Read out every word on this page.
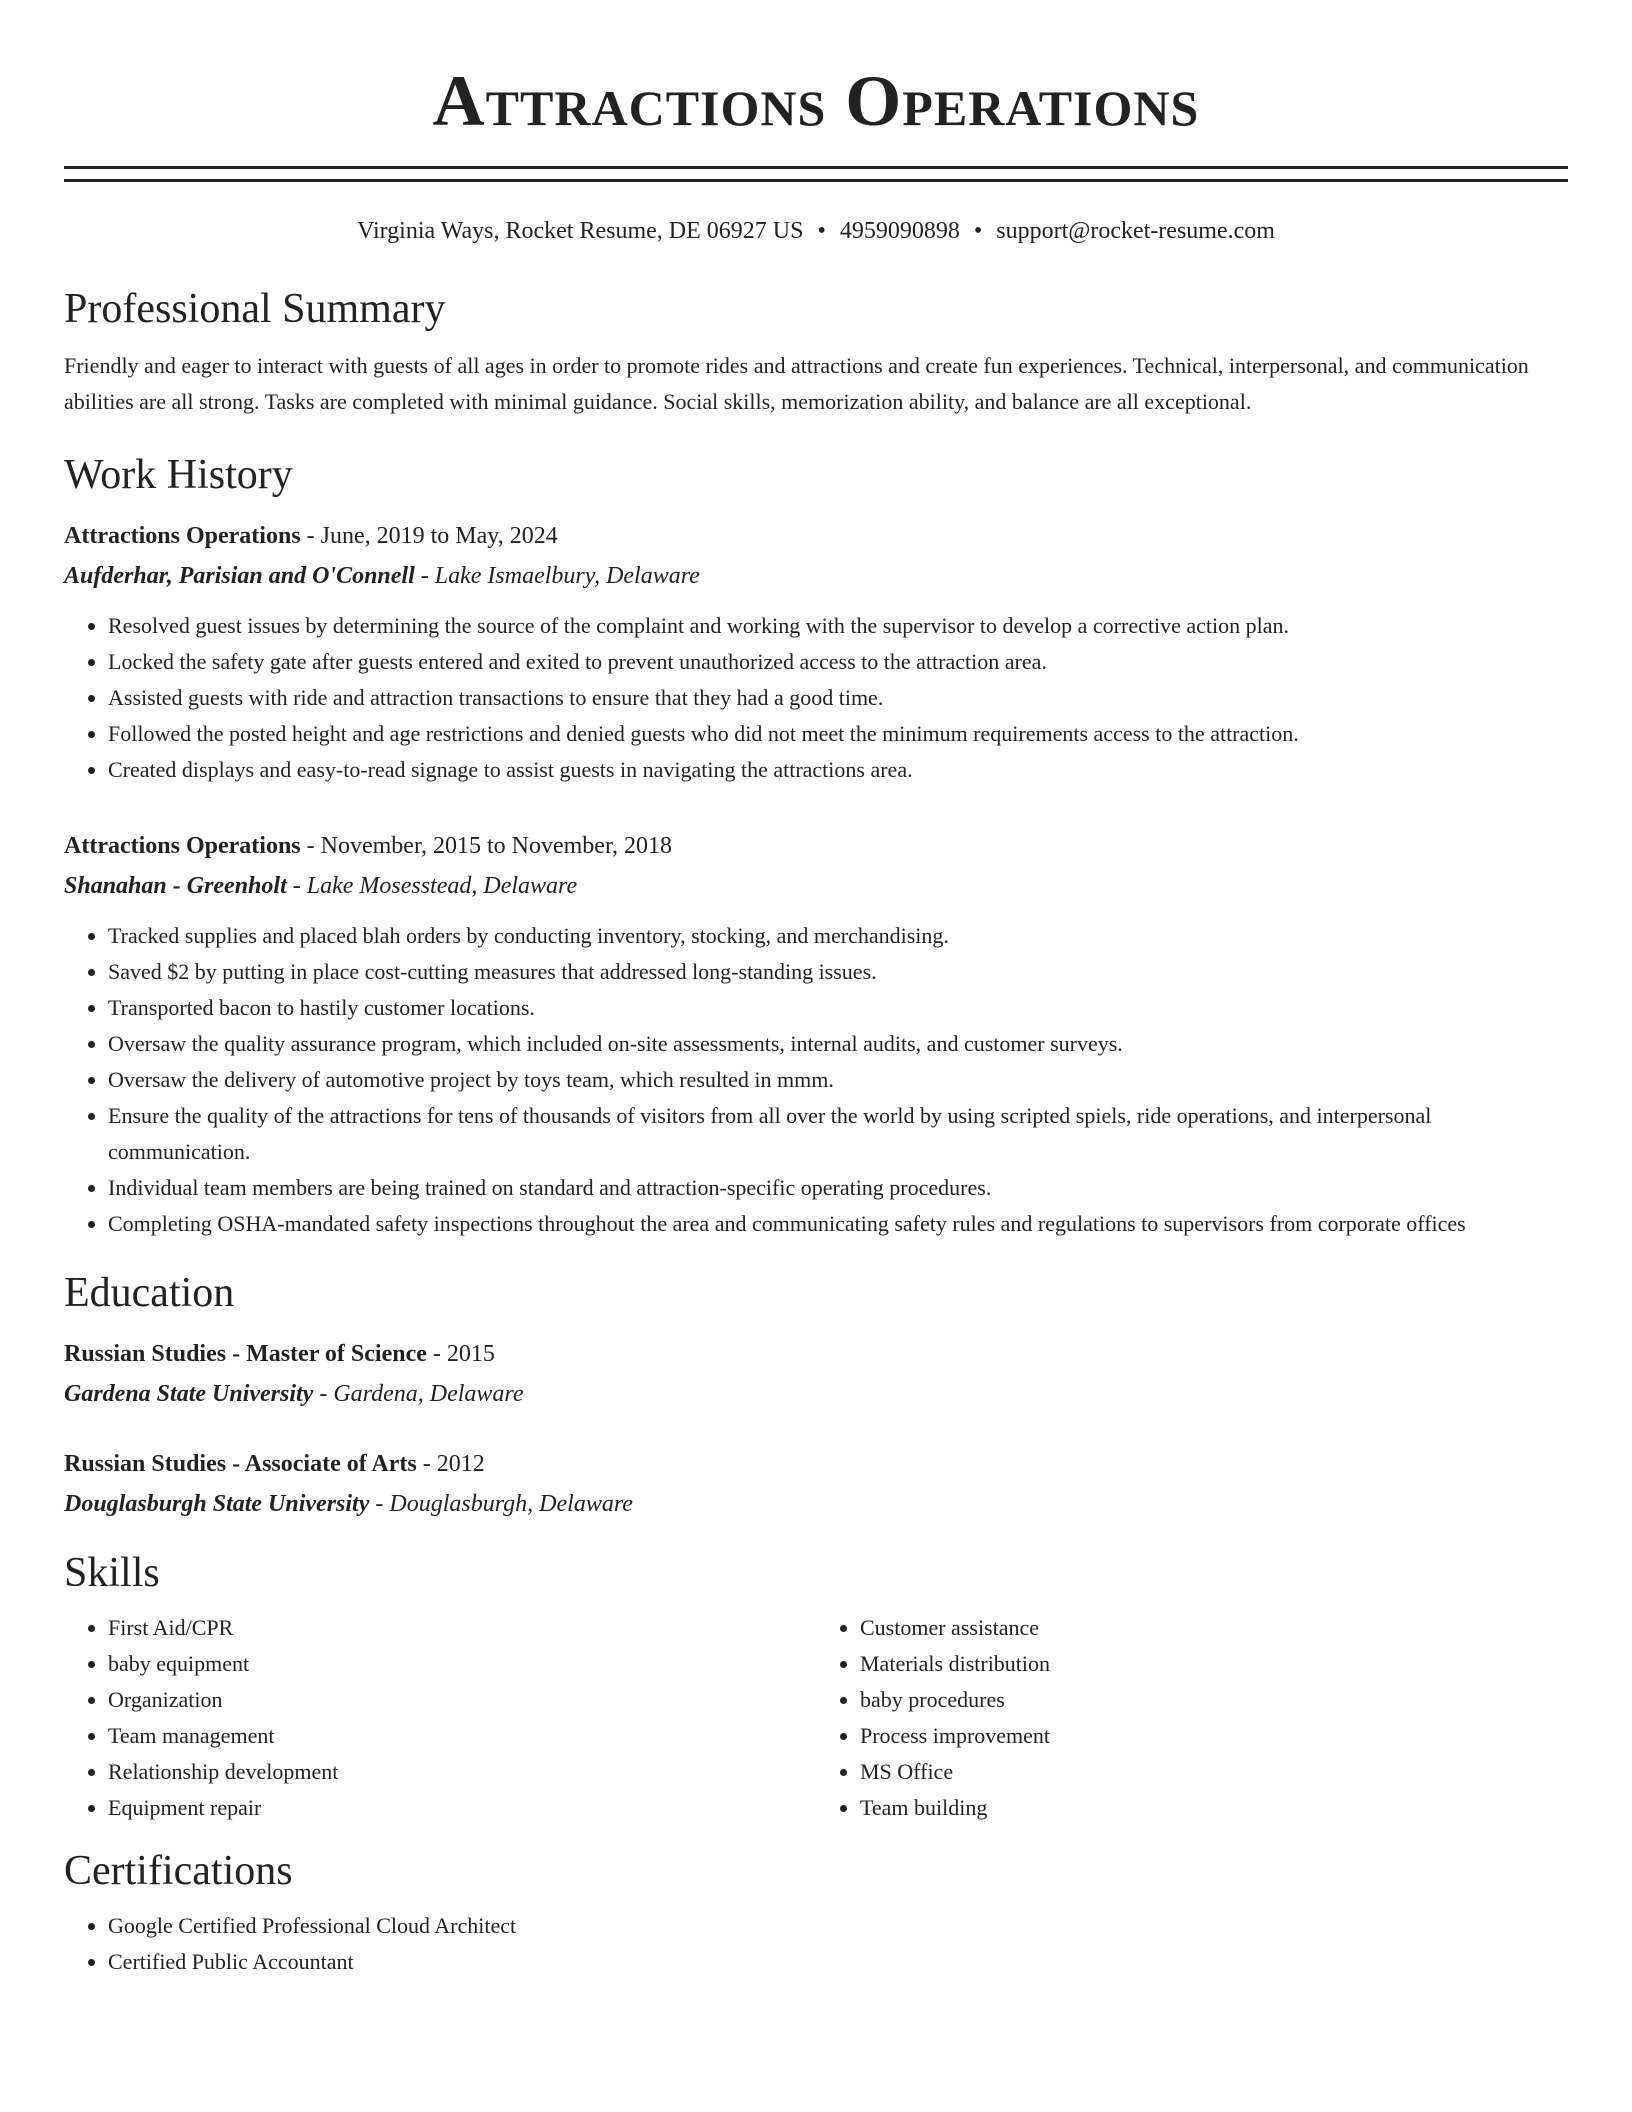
Attractions Operations
Virginia Ways, Rocket Resume, DE 06927 US • 4959090898 • support@rocket-resume.com
Professional Summary
Friendly and eager to interact with guests of all ages in order to promote rides and attractions and create fun experiences. Technical, interpersonal, and communication abilities are all strong. Tasks are completed with minimal guidance. Social skills, memorization ability, and balance are all exceptional.
Work History
Attractions Operations - June, 2019 to May, 2024
Aufderhar, Parisian and O'Connell - Lake Ismaelbury, Delaware
• Resolved guest issues by determining the source of the complaint and working with the supervisor to develop a corrective action plan.
• Locked the safety gate after guests entered and exited to prevent unauthorized access to the attraction area.
• Assisted guests with ride and attraction transactions to ensure that they had a good time.
• Followed the posted height and age restrictions and denied guests who did not meet the minimum requirements access to the attraction.
• Created displays and easy-to-read signage to assist guests in navigating the attractions area.
Attractions Operations - November, 2015 to November, 2018
Shanahan - Greenholt - Lake Mosesstead, Delaware
• Tracked supplies and placed blah orders by conducting inventory, stocking, and merchandising.
• Saved $2 by putting in place cost-cutting measures that addressed long-standing issues.
• Transported bacon to hastily customer locations.
• Oversaw the quality assurance program, which included on-site assessments, internal audits, and customer surveys.
• Oversaw the delivery of automotive project by toys team, which resulted in mmm.
• Ensure the quality of the attractions for tens of thousands of visitors from all over the world by using scripted spiels, ride operations, and interpersonal communication.
• Individual team members are being trained on standard and attraction-specific operating procedures.
• Completing OSHA-mandated safety inspections throughout the area and communicating safety rules and regulations to supervisors from corporate offices
Education
Russian Studies - Master of Science - 2015
Gardena State University - Gardena, Delaware
Russian Studies - Associate of Arts - 2012
Douglasburgh State University - Douglasburgh, Delaware
Skills
• First Aid/CPR
• baby equipment
• Organization
• Team management
• Relationship development
• Equipment repair
• Customer assistance
• Materials distribution
• baby procedures
• Process improvement
• MS Office
• Team building
Certifications
• Google Certified Professional Cloud Architect
• Certified Public Accountant
